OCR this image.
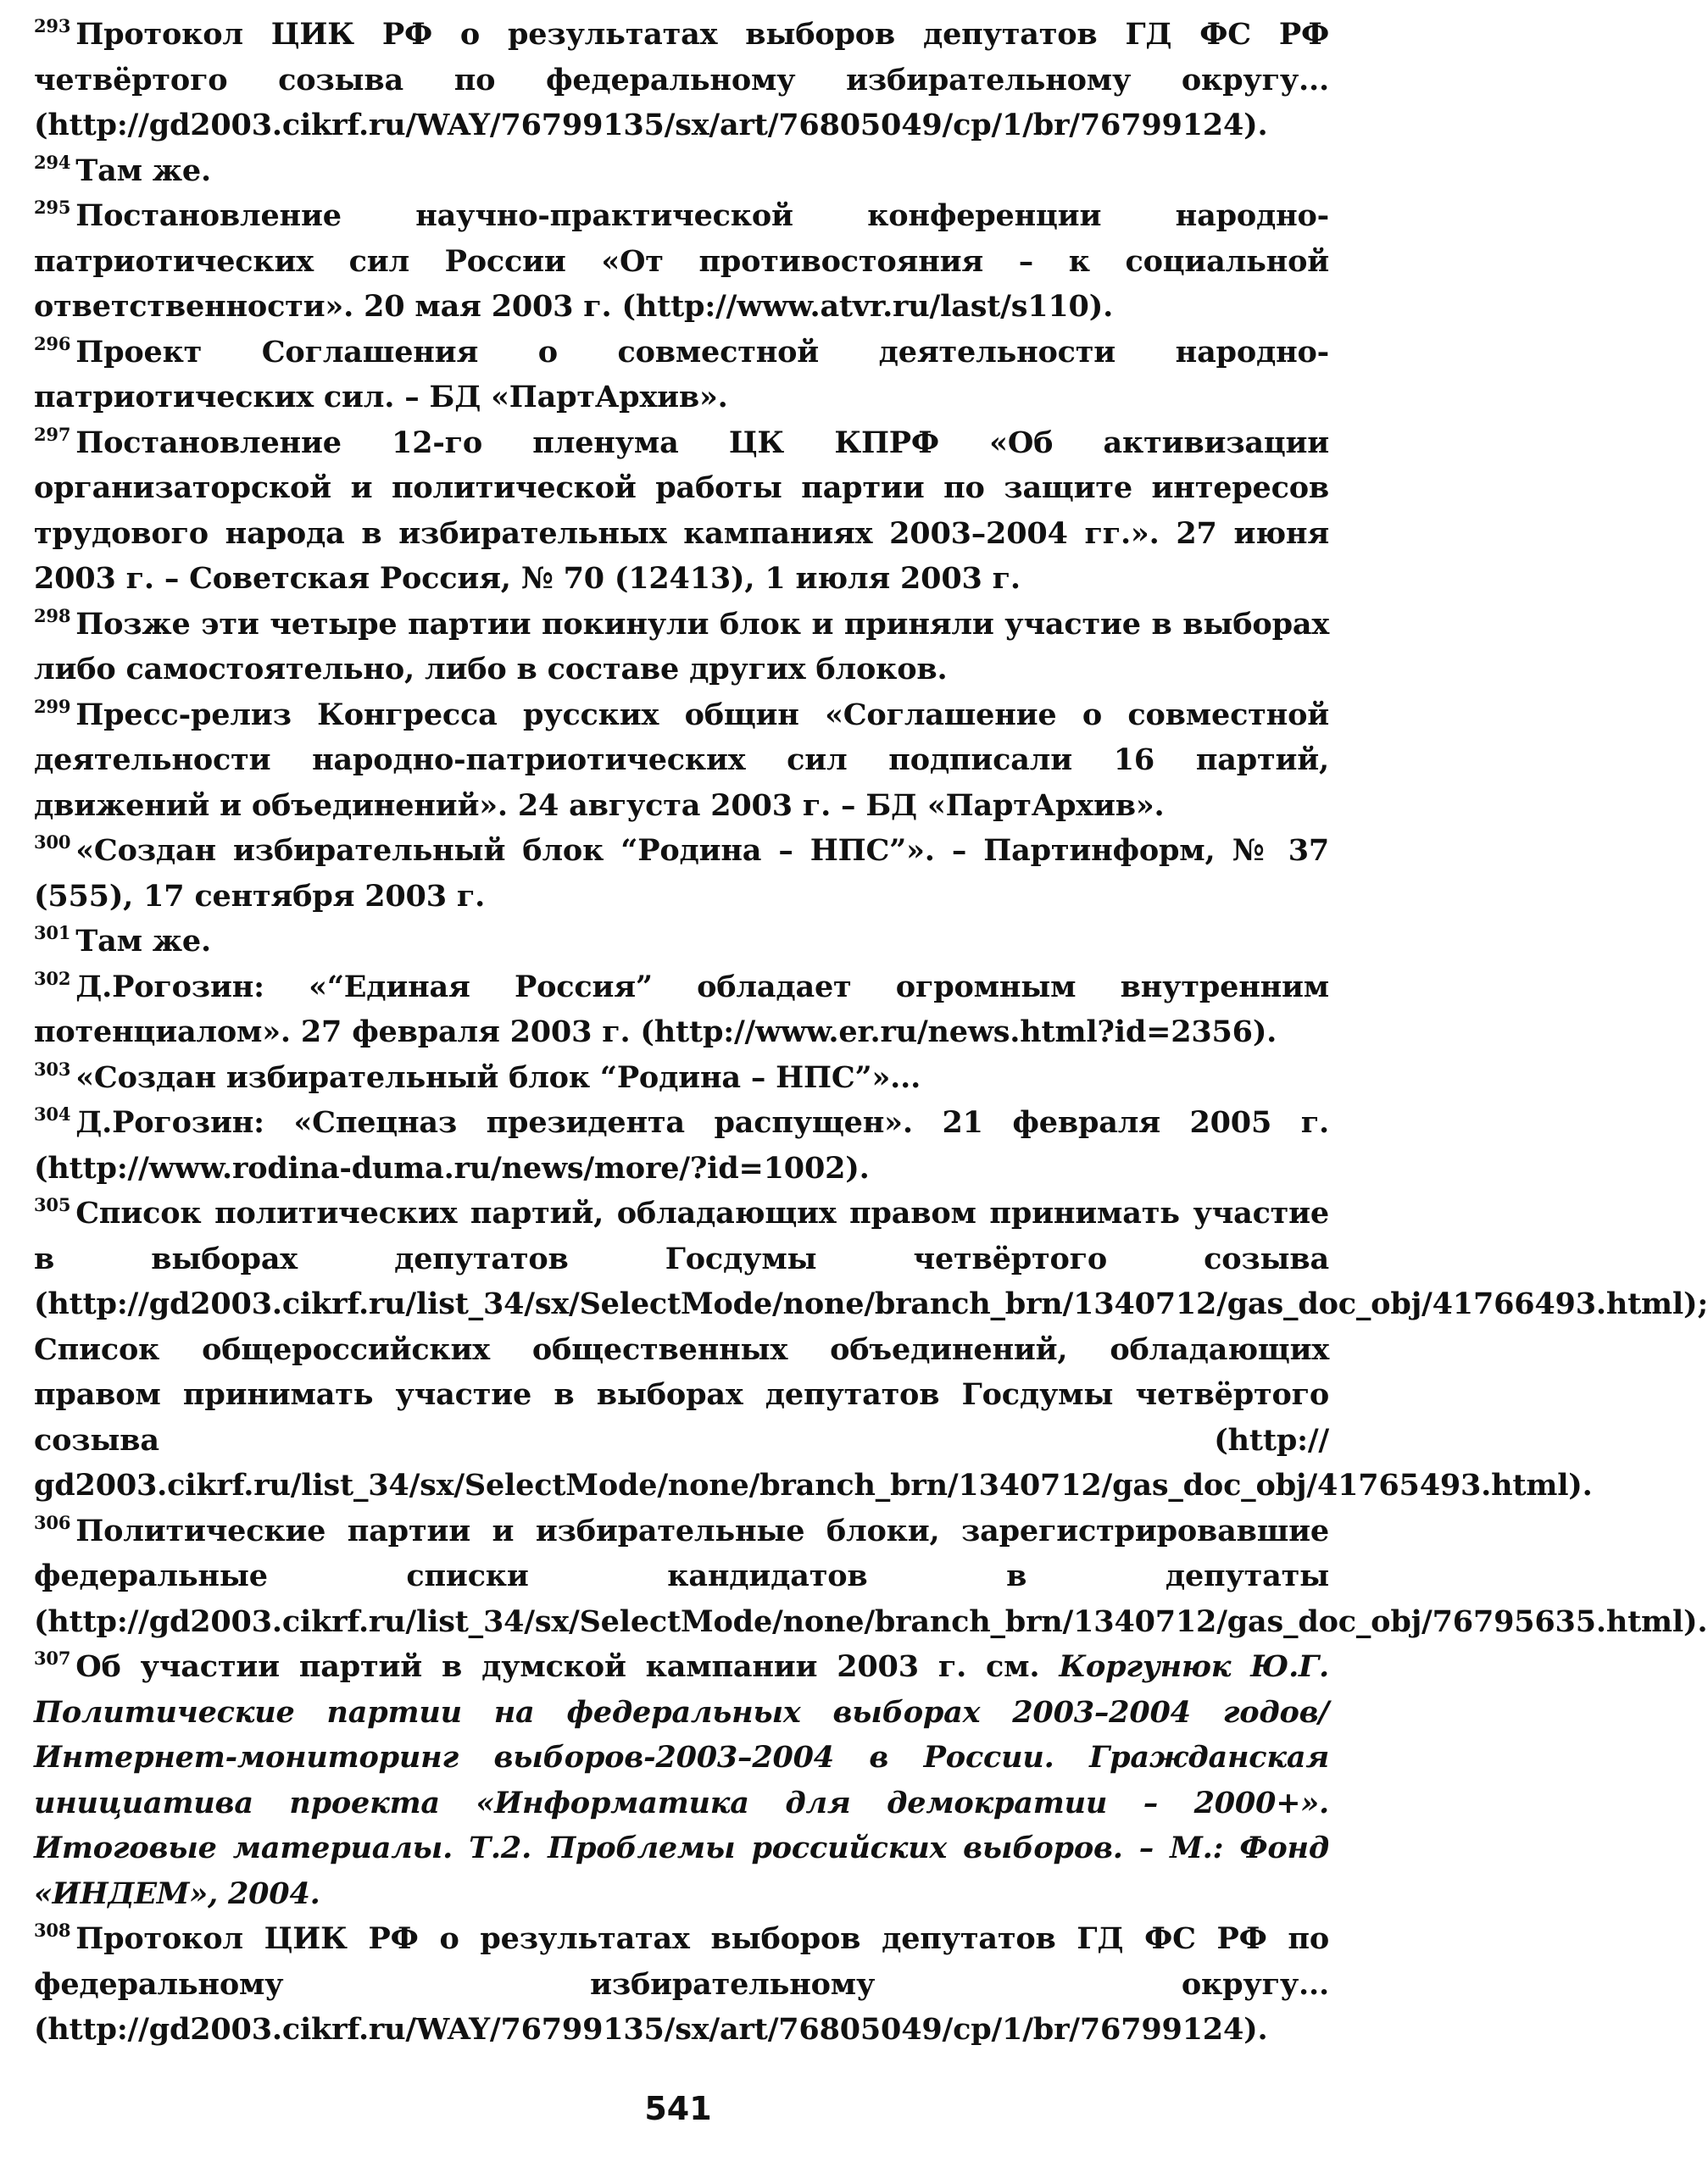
$^{293}$ Протокол ЦИК РФ о результатах выборов депутатов ГД ФС РФ четвёртого созыва по федеральному избирательному округу... (http://gd2003.cikrf.ru/WAY/76799135/sx/art/76805049/cp/1/br/76799124).

$^{294}$ Там же.

$^{295}$ Постановление научно-практической конференции народно-патриотических сил России «От противостояния – к социальной ответственности». 20 мая 2003 г. (http://www.atvr.ru/last/s110).

$^{296}$ Проект Соглашения о совместной деятельности народно-патриотических сил. – БД «ПартАрхив».

$^{297}$ Постановление 12-го пленума ЦК КПРФ «Об активизации организаторской и политической работы партии по защите интересов трудового народа в избирательных кампаниях 2003–2004 гг.». 27 июня 2003 г. – Советская Россия, № 70 (12413), 1 июля 2003 г.

$^{298}$ Позже эти четыре партии покинули блок и приняли участие в выборах либо самостоятельно, либо в составе других блоков.

$^{299}$ Пресс-релиз Конгресса русских общин «Соглашение о совместной деятельности народно-патриотических сил подписали 16 партий, движений и объединений». 24 августа 2003 г. – БД «ПартАрхив».

$^{300}$ «Создан избирательный блок “Родина – НПС”». – Партинформ, № 37 (555), 17 сентября 2003 г.

$^{301}$ Там же.

$^{302}$ Д.Рогозин: «“Единая Россия” обладает огромным внутренним потенциалом». 27 февраля 2003 г. (http://www.er.ru/news.html?id=2356).

$^{303}$ «Создан избирательный блок “Родина – НПС”»...

$^{304}$ Д.Рогозин: «Спецназ президента распущен». 21 февраля 2005 г. (http://www.rodina-duma.ru/news/more/?id=1002).

$^{305}$ Список политических партий, обладающих правом принимать участие в выборах депутатов Госдумы четвёртого созыва (http://gd2003.cikrf.ru/list_34/sx/SelectMode/none/branch_brn/1340712/gas_doc_obj/41766493.html); Список общероссийских общественных объединений, обладающих правом принимать участие в выборах депутатов Госдумы четвёртого созыва (http:// gd2003.cikrf.ru/list_34/sx/SelectMode/none/branch_brn/1340712/gas_doc_obj/41765493.html).

$^{306}$ Политические партии и избирательные блоки, зарегистрировавшие федеральные списки кандидатов в депутаты (http://gd2003.cikrf.ru/list_34/sx/SelectMode/none/branch_brn/1340712/gas_doc_obj/76795635.html).

$^{307}$ Об участии партий в думской кампании 2003 г. см. Коргунюк Ю.Г. Политические партии на федеральных выборах 2003–2004 годов/Интернет-мониторинг выборов-2003–2004 в России. Гражданская инициатива проекта «Информатика для демократии – 2000+». Итоговые материалы. Т.2. Проблемы российских выборов. – М.: Фонд «ИНДЕМ», 2004.

$^{308}$ Протокол ЦИК РФ о результатах выборов депутатов ГД ФС РФ по федеральному избирательному округу... (http://gd2003.cikrf.ru/WAY/76799135/sx/art/76805049/cp/1/br/76799124).

541
